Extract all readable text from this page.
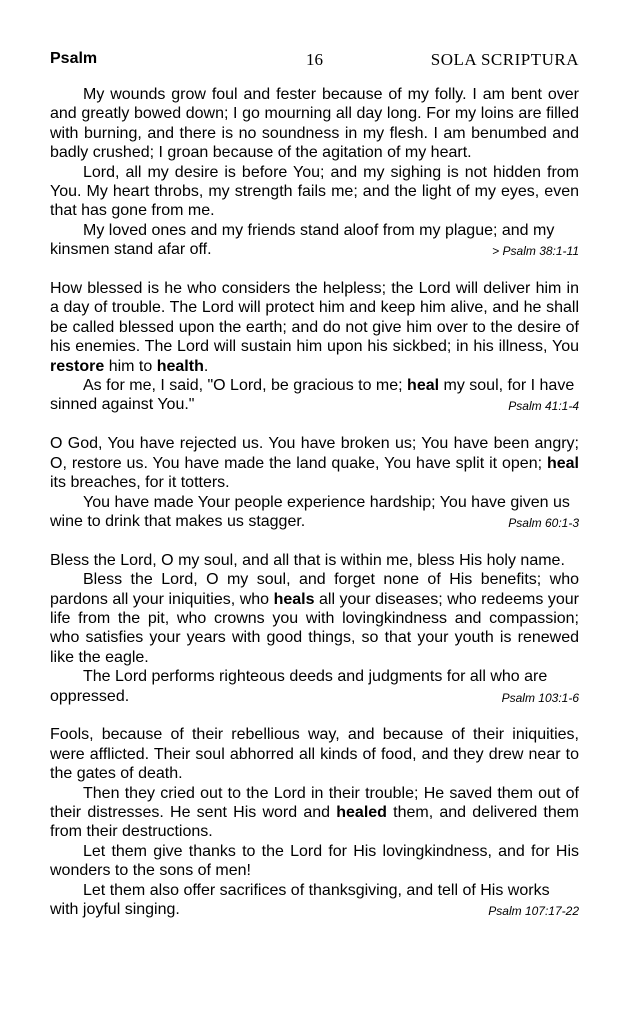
Psalm	16	SOLA SCRIPTURA

My wounds grow foul and fester because of my folly. I am bent over and greatly bowed down; I go mourning all day long. For my loins are filled with burning, and there is no soundness in my flesh. I am benumbed and badly crushed; I groan because of the agitation of my heart.

Lord, all my desire is before You; and my sighing is not hidden from You. My heart throbs, my strength fails me; and the light of my eyes, even that has gone from me.

My loved ones and my friends stand aloof from my plague; and my kinsmen stand afar off.	> Psalm 38:1-11

How blessed is he who considers the helpless; the Lord will deliver him in a day of trouble. The Lord will protect him and keep him alive, and he shall be called blessed upon the earth; and do not give him over to the desire of his enemies. The Lord will sustain him upon his sickbed; in his illness, You restore him to health.

As for me, I said, "O Lord, be gracious to me; heal my soul, for I have sinned against You."	Psalm 41:1-4

O God, You have rejected us. You have broken us; You have been angry; O, restore us. You have made the land quake, You have split it open; heal its breaches, for it totters.

You have made Your people experience hardship; You have given us wine to drink that makes us stagger.	Psalm 60:1-3

Bless the Lord, O my soul, and all that is within me, bless His holy name.

Bless the Lord, O my soul, and forget none of His benefits; who pardons all your iniquities, who heals all your diseases; who redeems your life from the pit, who crowns you with lovingkindness and compassion; who satisfies your years with good things, so that your youth is renewed like the eagle.

The Lord performs righteous deeds and judgments for all who are oppressed.	Psalm 103:1-6

Fools, because of their rebellious way, and because of their iniquities, were afflicted. Their soul abhorred all kinds of food, and they drew near to the gates of death.

Then they cried out to the Lord in their trouble; He saved them out of their distresses. He sent His word and healed them, and delivered them from their destructions.

Let them give thanks to the Lord for His lovingkindness, and for His wonders to the sons of men!

Let them also offer sacrifices of thanksgiving, and tell of His works with joyful singing.	Psalm 107:17-22
